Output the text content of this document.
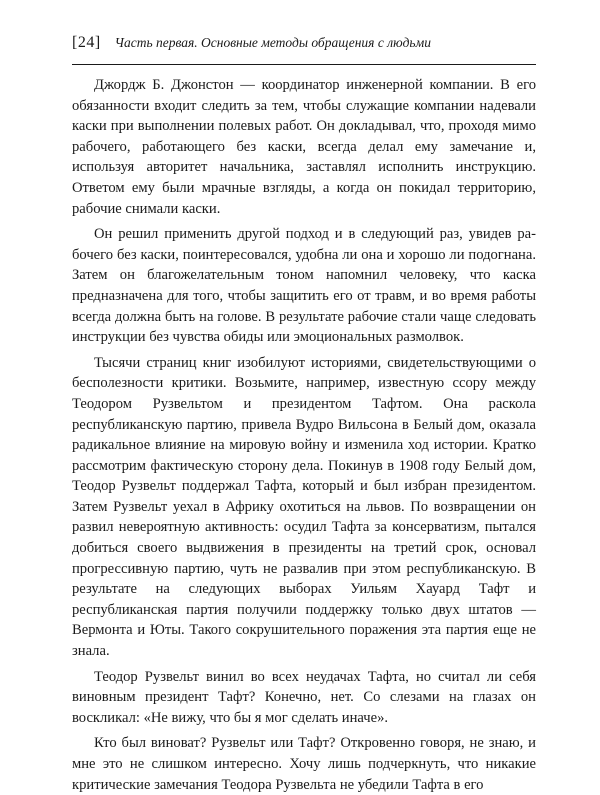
[24] Часть первая. Основные методы обращения с людьми

Джордж Б. Джонстон — координатор инженерной компании. В его обязанности входит следить за тем, чтобы служащие компании надевали каски при выполнении полевых работ. Он докладывал, что, проходя мимо рабочего, работающего без каски, всегда делал ему замечание и, используя авторитет начальника, заставлял исполнить инструкцию. Ответом ему были мрачные взгляды, а когда он покидал территорию, рабочие снимали каски.

Он решил применить другой подход и в следующий раз, увидев рабочего без каски, поинтересовался, удобна ли она и хорошо ли подогнана. Затем он благожелательным тоном напомнил человеку, что каска предназначена для того, чтобы защитить его от травм, и во время работы всегда должна быть на голове. В результате рабочие стали чаще следовать инструкции без чувства обиды или эмоциональных размолвок.

Тысячи страниц книг изобилуют историями, свидетельствующими о бесполезности критики. Возьмите, например, известную ссору между Теодором Рузвельтом и президентом Тафтом. Она раскола республиканскую партию, привела Вудро Вильсона в Белый дом, оказала радикальное влияние на мировую войну и изменила ход истории. Кратко рассмотрим фактическую сторону дела. Покинув в 1908 году Белый дом, Теодор Рузвельт поддержал Тафта, который и был избран президентом. Затем Рузвельт уехал в Африку охотиться на львов. По возвращении он развил невероятную активность: осудил Тафта за консерватизм, пытался добиться своего выдвижения в президенты на третий срок, основал прогрессивную партию, чуть не развалив при этом республиканскую. В результате на следующих выборах Уильям Хауард Тафт и республиканская партия получили поддержку только двух штатов — Вермонта и Юты. Такого сокрушительного поражения эта партия еще не знала.

Теодор Рузвельт винил во всех неудачах Тафта, но считал ли себя виновным президент Тафт? Конечно, нет. Со слезами на глазах он воскликал: «Не вижу, что бы я мог сделать иначе».

Кто был виноват? Рузвельт или Тафт? Откровенно говоря, не знаю, и мне это не слишком интересно. Хочу лишь подчеркнуть, что никакие критические замечания Теодора Рузвельта не убедили Тафта в его
